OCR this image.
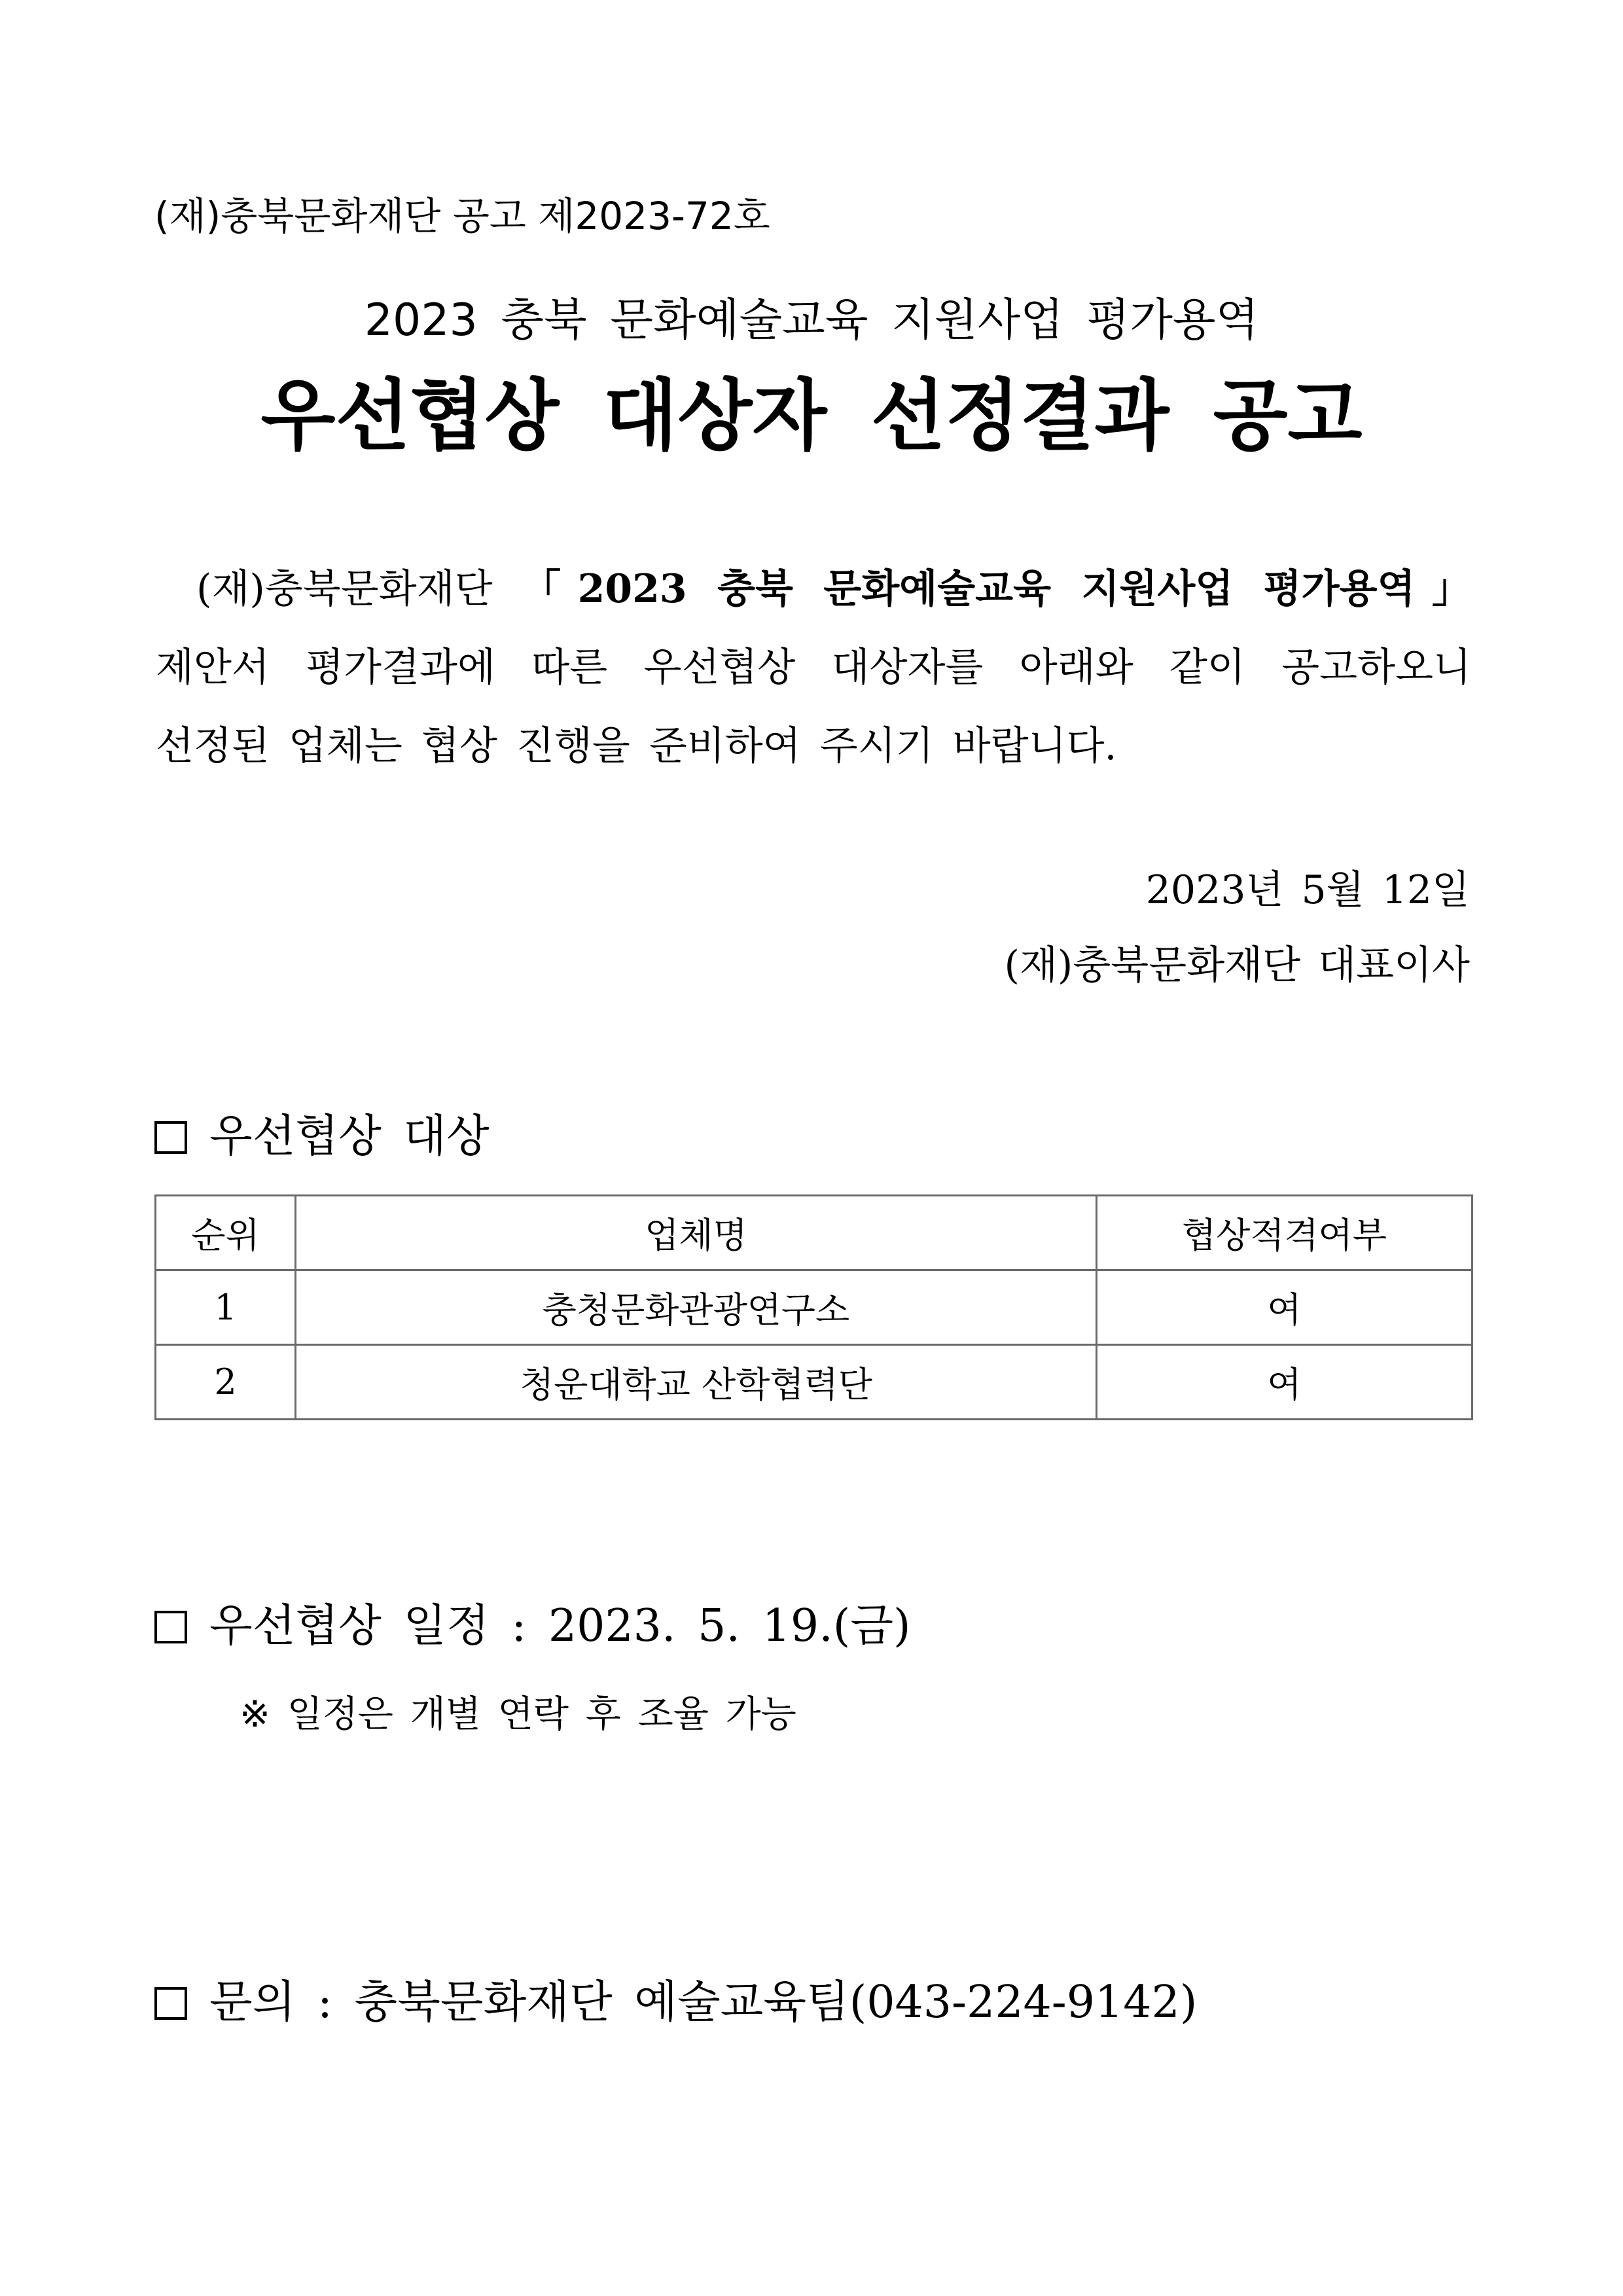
(재)충북문화재단 공고 제2023-72호
2023 충북 문화예술교육 지원사업 평가용역
우선협상 대상자 선정결과 공고
(재)충북문화재단 「2023 충북 문화예술교육 지원사업 평가용역」
제안서 평가결과에 따른 우선협상 대상자를 아래와 같이 공고하오니
선정된 업체는 협상 진행을 준비하여 주시기 바랍니다.
2023년 5월 12일
(재)충북문화재단 대표이사
우선협상 대상
순위	업체명	협상적격여부
1	충청문화관광연구소	여
2	청운대학교 산학협력단	여
우선협상 일정 : 2023. 5. 19.(금)
※ 일정은 개별 연락 후 조율 가능
문의 : 충북문화재단 예술교육팀(043-224-9142)
